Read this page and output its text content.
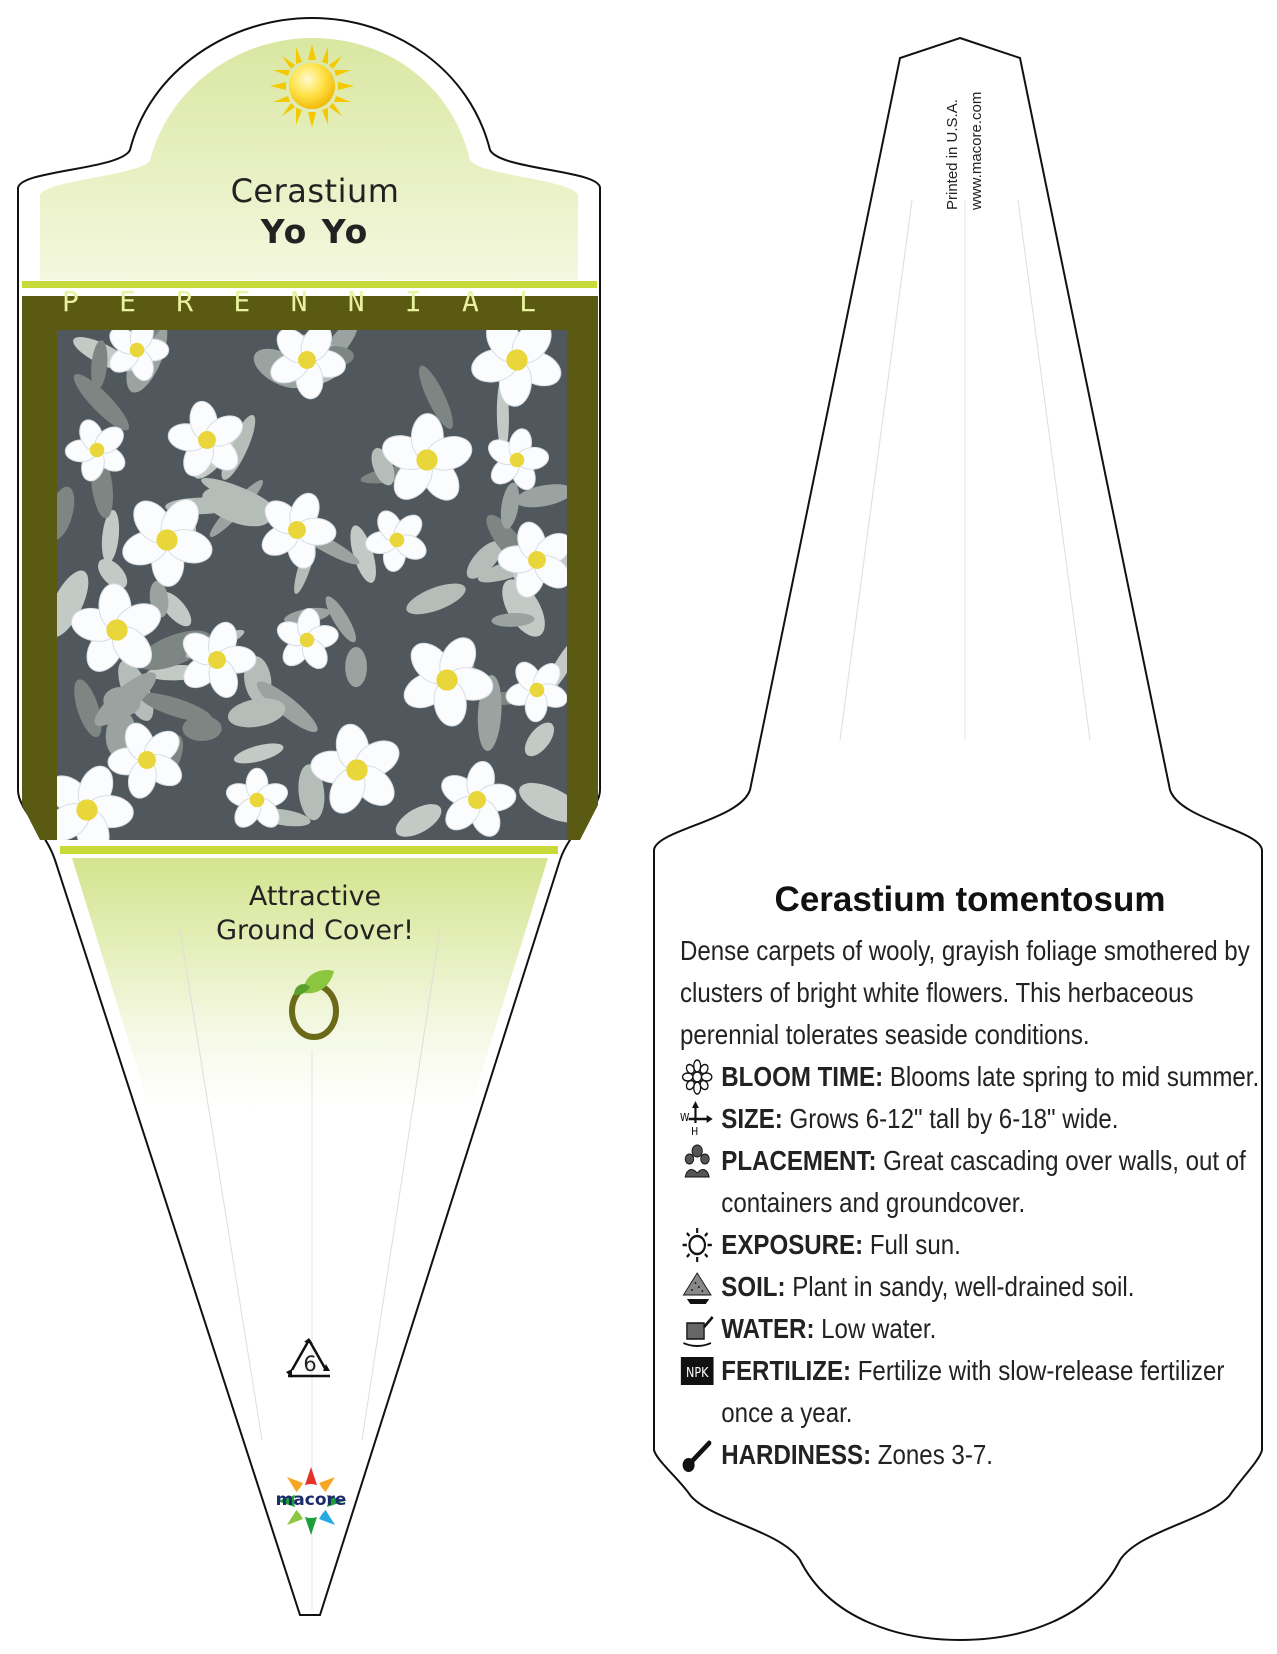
Cerastium
Yo Yo
P E R E N N I A L
Attractive
Ground Cover!
6
macore
Printed in U.S.A. www.macore.com
Cerastium tomentosum
Dense carpets of wooly, grayish foliage smothered by clusters of bright white flowers. This herbaceous perennial tolerates seaside conditions.
BLOOM TIME: Blooms late spring to mid summer.
W
H SIZE: Grows 6-12" tall by 6-18" wide.
PLACEMENT: Great cascading over walls, out of containers and groundcover.
EXPOSURE: Full sun.
SOIL: Plant in sandy, well-drained soil.
WATER: Low water.
NPK FERTILIZE: Fertilize with slow-release fertilizer once a year.
HARDINESS: Zones 3-7.
